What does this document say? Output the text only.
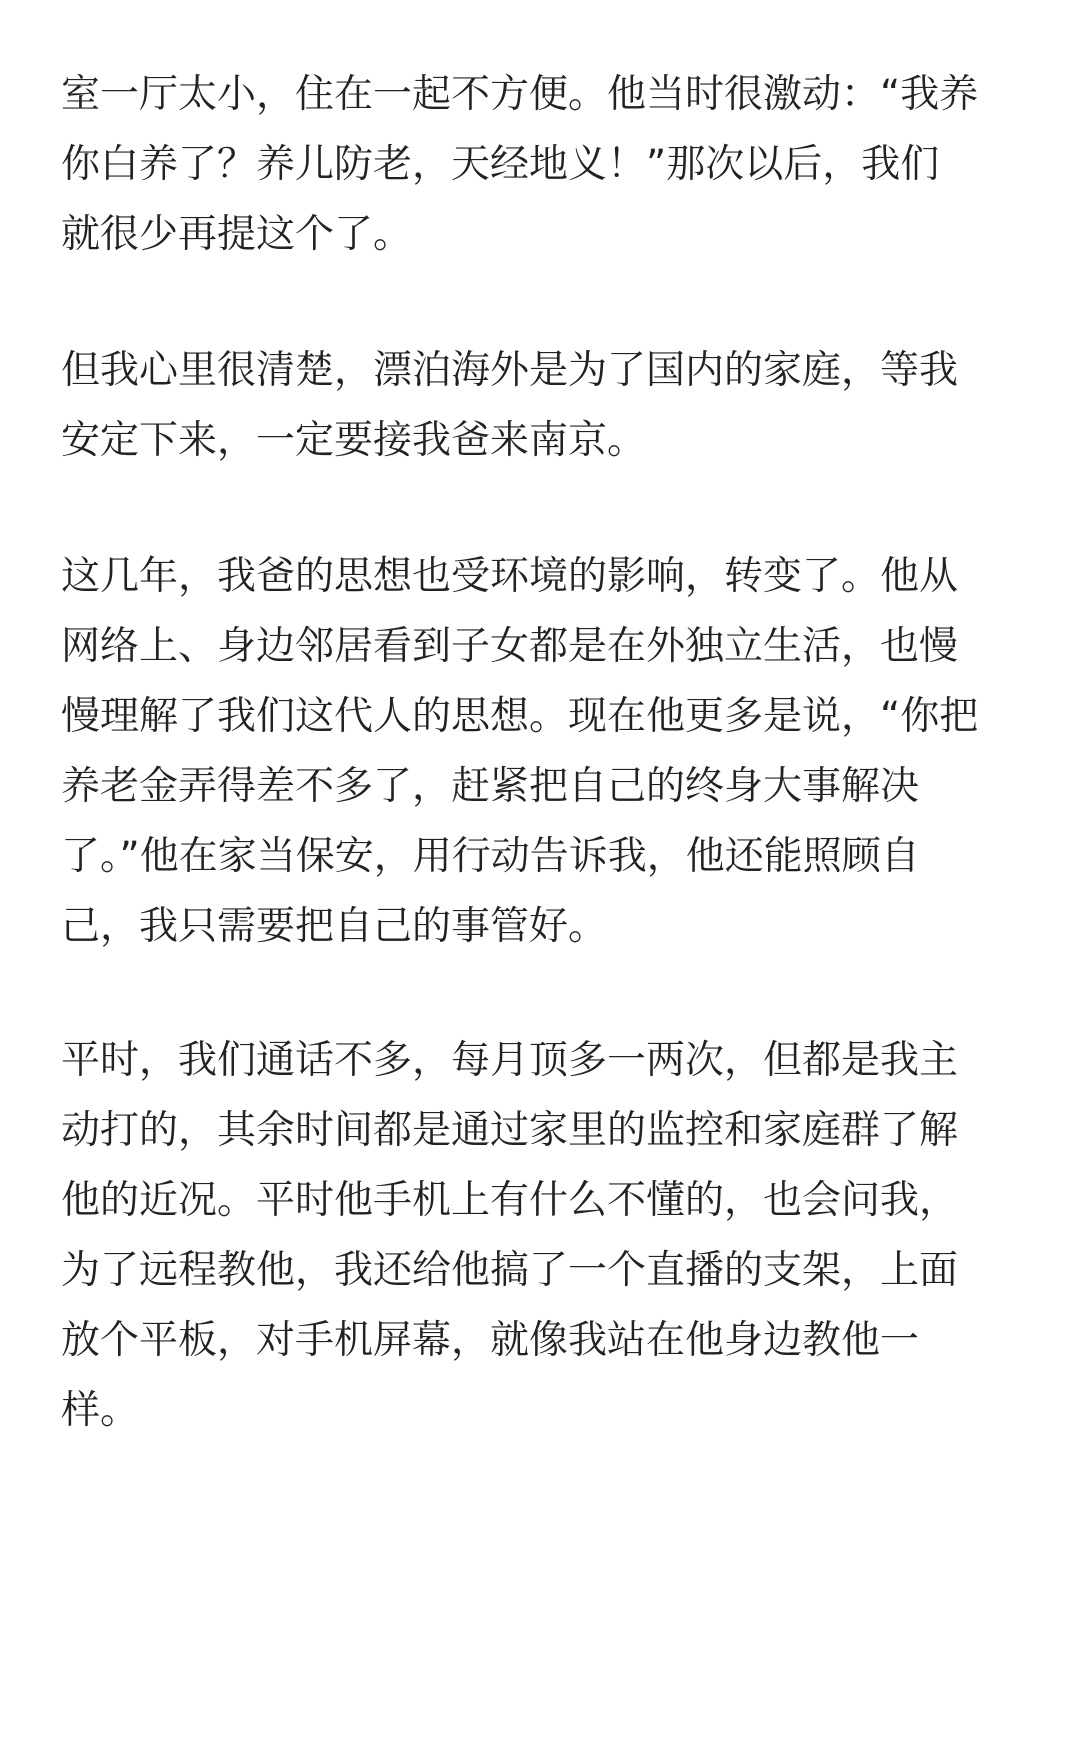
室一厅太小，住在一起不方便。他当时很激动：“我养
你白养了？养儿防老，天经地义！”那次以后，我们
就很少再提这个了。
但我心里很清楚，漂泊海外是为了国内的家庭，等我
安定下来，一定要接我爸来南京。
这几年，我爸的思想也受环境的影响，转变了。他从
网络上、身边邻居看到子女都是在外独立生活，也慢
慢理解了我们这代人的思想。现在他更多是说，“你把
养老金弄得差不多了，赶紧把自己的终身大事解决
了。”他在家当保安，用行动告诉我，他还能照顾自
己，我只需要把自己的事管好。
平时，我们通话不多，每月顶多一两次，但都是我主
动打的，其余时间都是通过家里的监控和家庭群了解
他的近况。平时他手机上有什么不懂的，也会问我，
为了远程教他，我还给他搞了一个直播的支架，上面
放个平板，对手机屏幕，就像我站在他身边教他一
样。
